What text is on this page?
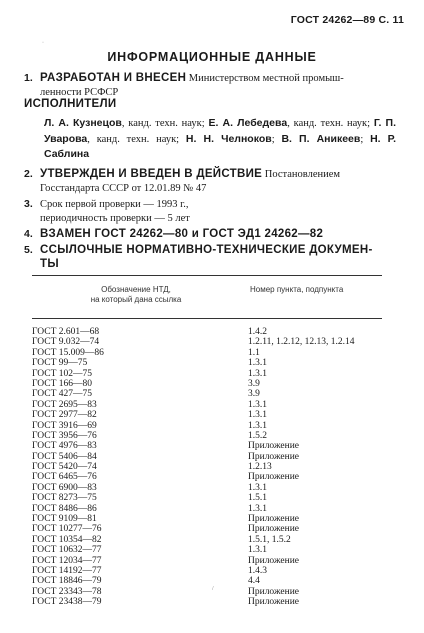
ГОСТ 24262—89 С. 11
ИНФОРМАЦИОННЫЕ ДАННЫЕ
1. РАЗРАБОТАН И ВНЕСЕН Министерством местной промыш-
ленности РСФСР
ИСПОЛНИТЕЛИ
Л. А. Кузнецов, канд. техн. наук; Е. А. Лебедева, канд. техн. наук; Г. П. Уварова, канд. техн. наук; Н. Н. Челноков; В. П. Аникеев; Н. Р. Саблина
2. УТВЕРЖДЕН И ВВЕДЕН В ДЕЙСТВИЕ Постановлением
Госстандарта СССР от 12.01.89 № 47
3. Срок первой проверки — 1993 г.,
периодичность проверки — 5 лет
4. ВЗАМЕН ГОСТ 24262—80 и ГОСТ ЭД1 24262—82
5. ССЫЛОЧНЫЕ НОРМАТИВНО-ТЕХНИЧЕСКИЕ ДОКУМЕН-
ТЫ
Обозначение НТД,
на который дана ссылка
Номер пункта, подпункта
ГОСТ 2.601—68	1.4.2
ГОСТ 9.032—74	1.2.11, 1.2.12, 12.13, 1.2.14
ГОСТ 15.009—86	1.1
ГОСТ 99—75	1.3.1
ГОСТ 102—75	1.3.1
ГОСТ 166—80	3.9
ГОСТ 427—75	3.9
ГОСТ 2695—83	1.3.1
ГОСТ 2977—82	1.3.1
ГОСТ 3916—69	1.3.1
ГОСТ 3956—76	1.5.2
ГОСТ 4976—83	Приложение
ГОСТ 5406—84	Приложение
ГОСТ 5420—74	1.2.13
ГОСТ 6465—76	Приложение
ГОСТ 6900—83	1.3.1
ГОСТ 8273—75	1.5.1
ГОСТ 8486—86	1.3.1
ГОСТ 9109—81	Приложение
ГОСТ 10277—76	Приложение
ГОСТ 10354—82	1.5.1, 1.5.2
ГОСТ 10632—77	1.3.1
ГОСТ 12034—77	Приложение
ГОСТ 14192—77	1.4.3
ГОСТ 18846—79	4.4
ГОСТ 23343—78	Приложение
ГОСТ 23438—79	Приложение
·
/
